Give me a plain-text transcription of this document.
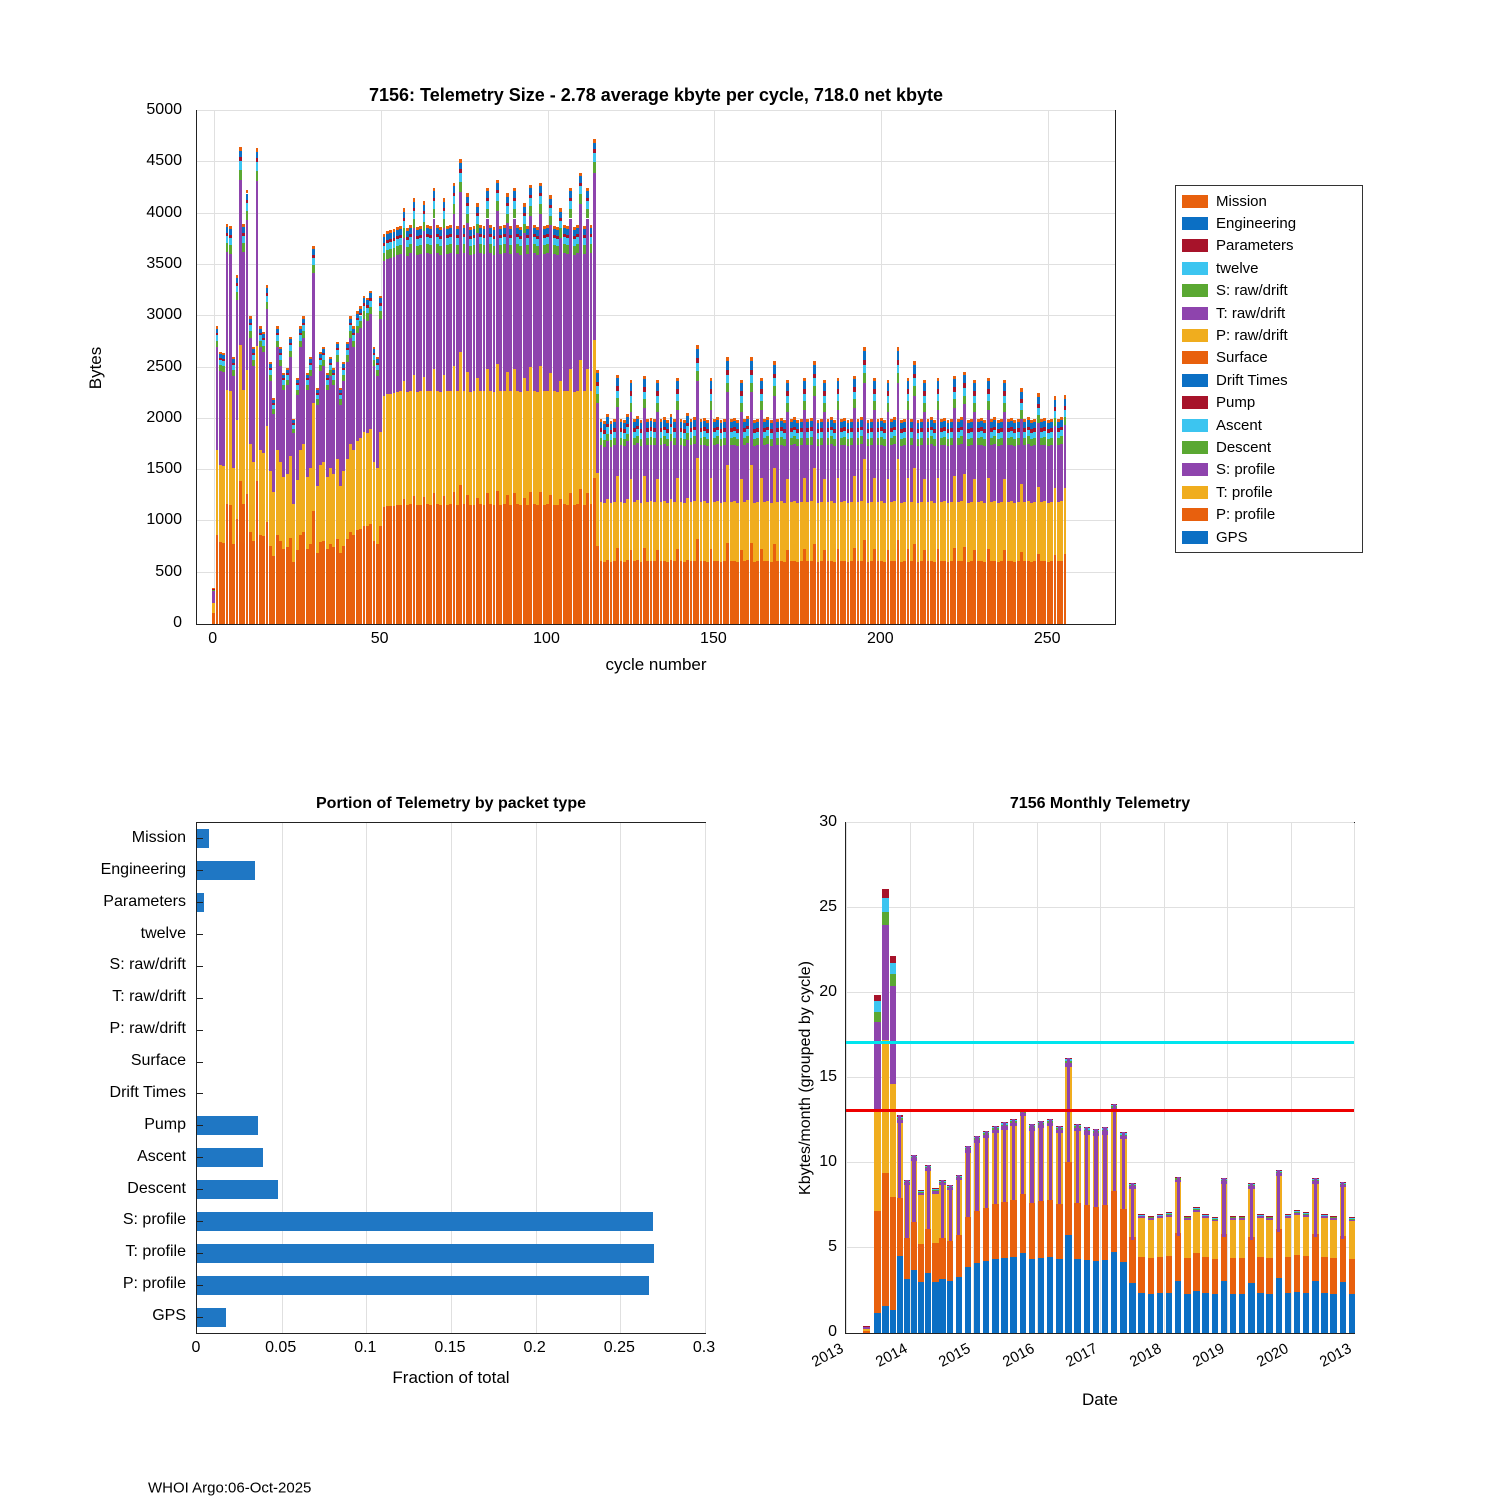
7156: Telemetry Size - 2.78 average kbyte per cycle, 718.0 net kbyte
Bytes
cycle number
0
500
1000
1500
2000
2500
3000
3500
4000
4500
5000
0	50	100	150	200	250
Mission
Engineering
Parameters
twelve
S: raw/drift
T: raw/drift
P: raw/drift
Surface
Drift Times
Pump
Ascent
Descent
S: profile
T: profile
P: profile
GPS
Portion of Telemetry by packet type
Mission
Engineering
Parameters
twelve
S: raw/drift
T: raw/drift
P: raw/drift
Surface
Drift Times
Pump
Ascent
Descent
S: profile
T: profile
P: profile
GPS
0	0.05	0.1	0.15	0.2	0.25	0.3
Fraction of total
7156 Monthly Telemetry
Kbytes/month (grouped by cycle)
Date
0
5
10
15
20
25
30
2013 2014 2015 2016 2017 2018 2019 2020 2013
WHOI Argo:06-Oct-2025
